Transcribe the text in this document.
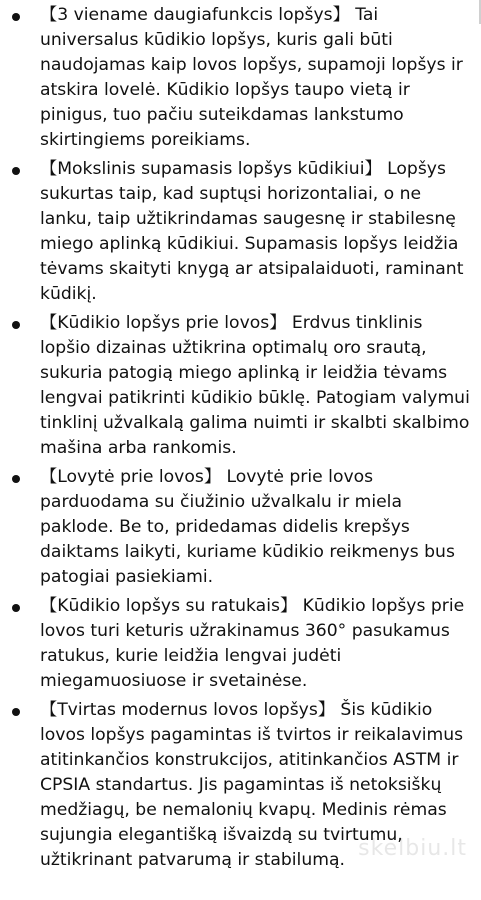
【3 viename daugiafunkcis lopšys】 Tai universalus kūdikio lopšys, kuris gali būti naudojamas kaip lovos lopšys, supamoji lopšys ir atskira lovelė. Kūdikio lopšys taupo vietą ir pinigus, tuo pačiu suteikdamas lankstumo skirtingiems poreikiams.
【Mokslinis supamasis lopšys kūdikiui】 Lopšys sukurtas taip, kad suptųsi horizontaliai, o ne lanku, taip užtikrindamas saugesnę ir stabilesnę miego aplinką kūdikiui. Supamasis lopšys leidžia tėvams skaityti knygą ar atsipalaiduoti, raminant kūdikį.
【Kūdikio lopšys prie lovos】 Erdvus tinklinis lopšio dizainas užtikrina optimalų oro srautą, sukuria patogią miego aplinką ir leidžia tėvams lengvai patikrinti kūdikio būklę. Patogiam valymui tinklinį užvalkalą galima nuimti ir skalbti skalbimo mašina arba rankomis.
【Lovytė prie lovos】 Lovytė prie lovos parduodama su čiužinio užvalkalu ir miela paklode. Be to, pridedamas didelis krepšys daiktams laikyti, kuriame kūdikio reikmenys bus patogiai pasiekiami.
【Kūdikio lopšys su ratukais】 Kūdikio lopšys prie lovos turi keturis užrakinamus 360° pasukamus ratukus, kurie leidžia lengvai judėti miegamuosiuose ir svetainėse.
【Tvirtas modernus lovos lopšys】 Šis kūdikio lovos lopšys pagamintas iš tvirtos ir reikalavimus atitinkančios konstrukcijos, atitinkančios ASTM ir CPSIA standartus. Jis pagamintas iš netoksiškų medžiagų, be nemalonių kvapų. Medinis rėmas sujungia elegantišką išvaizdą su tvirtumu, užtikrinant patvarumą ir stabilumą. skelbiu.lt
